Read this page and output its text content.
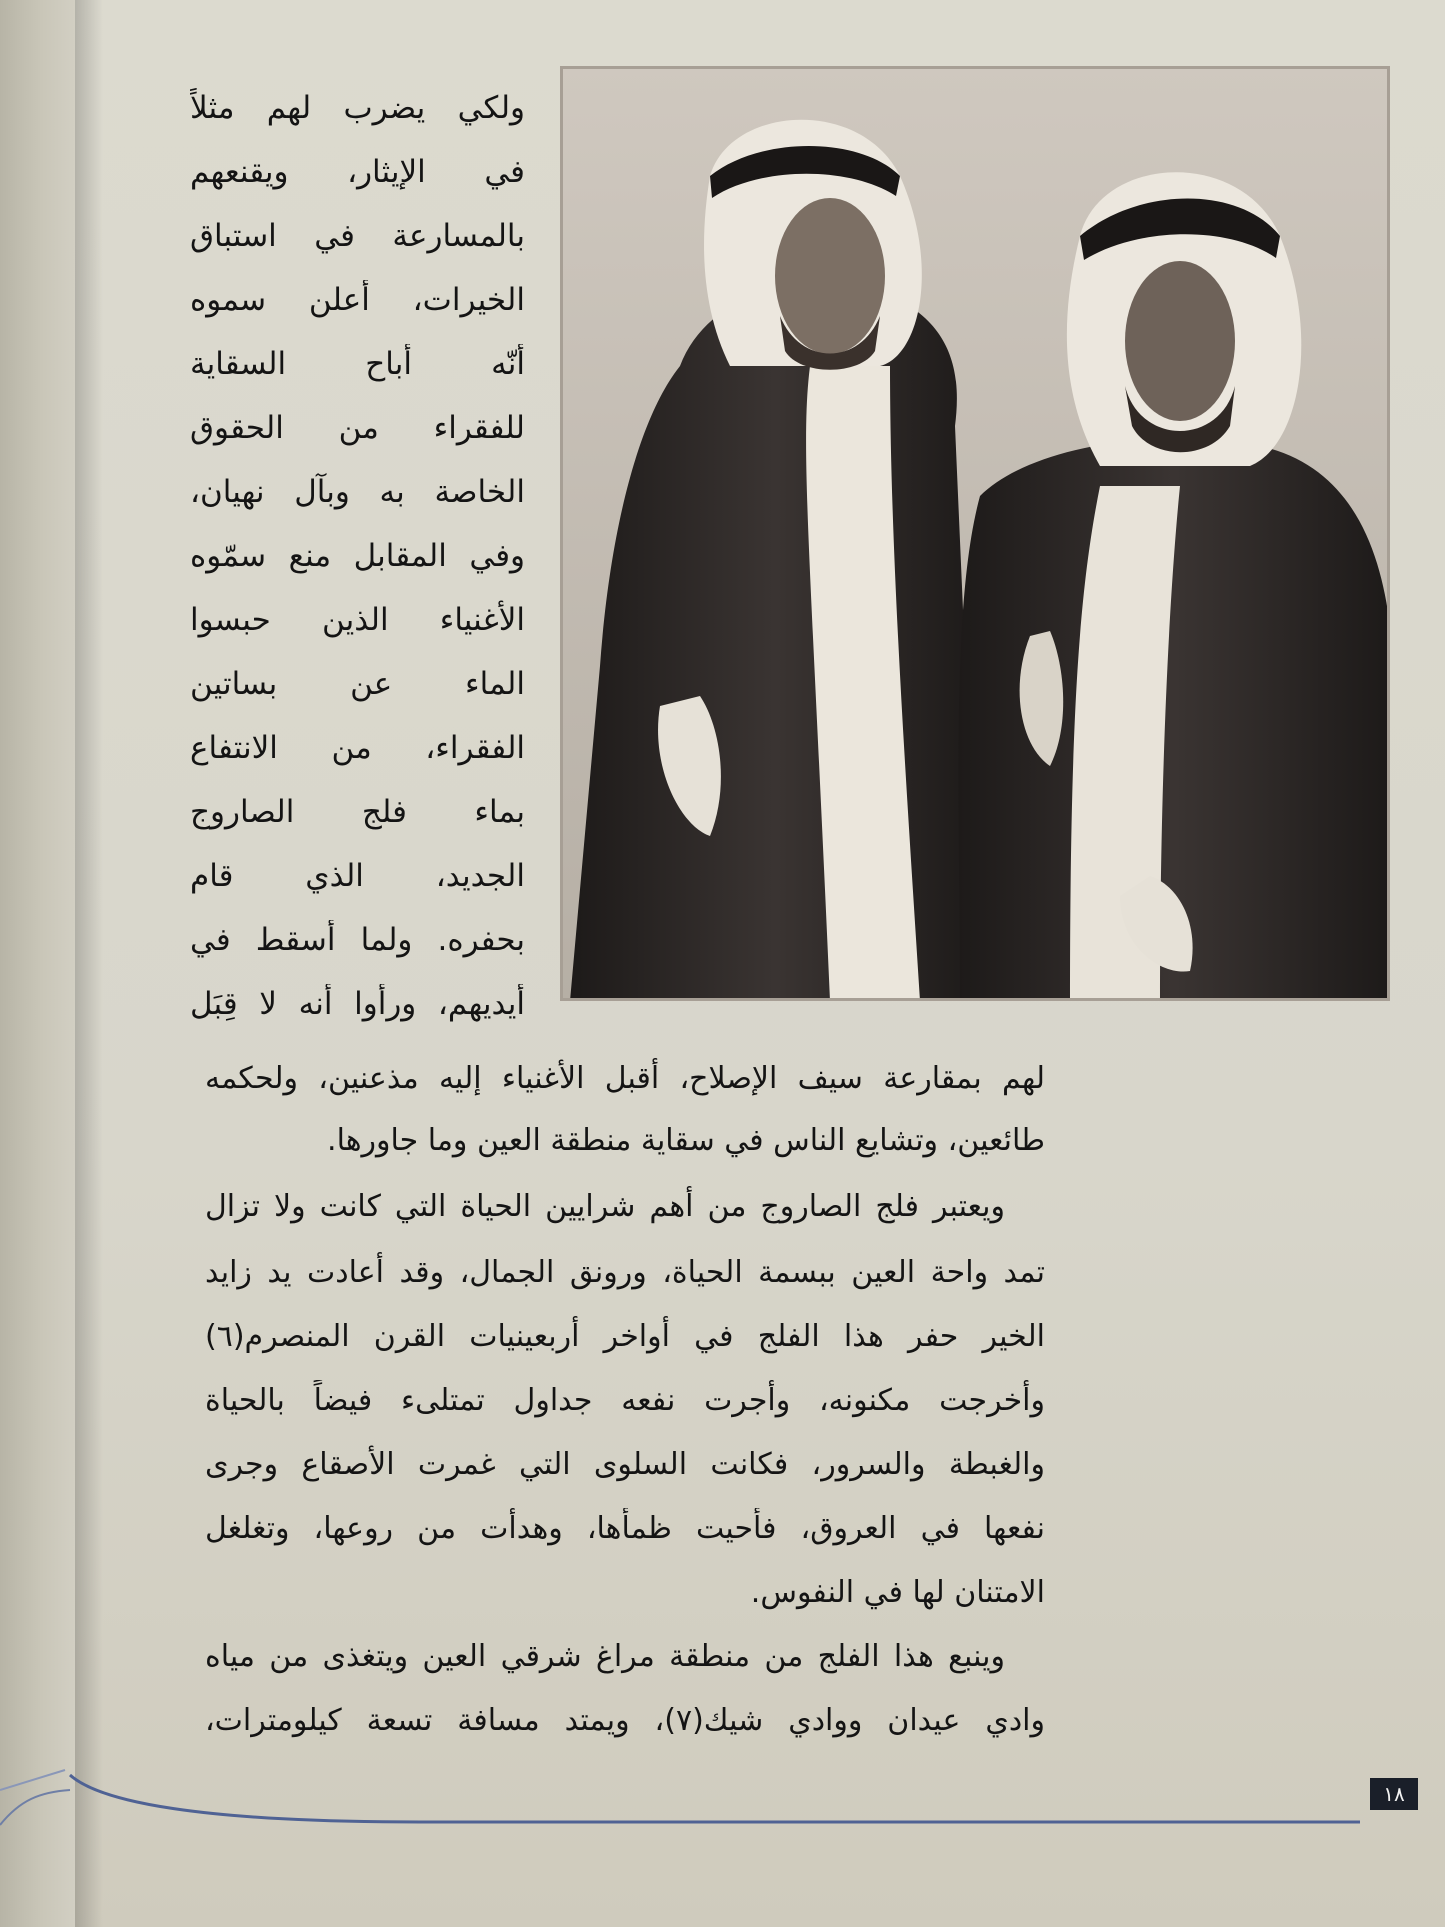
ولكي يضرب لهم مثلاً
في الإيثار، ويقنعهم
بالمسارعة في استباق
الخيرات، أعلن سموه
أنّه أباح السقاية
للفقراء من الحقوق
الخاصة به وبآل نهيان،
وفي المقابل منع سمّوه
الأغنياء الذين حبسوا
الماء عن بساتين
الفقراء، من الانتفاع
بماء فلج الصاروج
الجديد، الذي قام
بحفره. ولما أسقط في
أيديهم، ورأوا أنه لا قِبَل
لهم بمقارعة سيف الإصلاح، أقبل الأغنياء إليه مذعنين، ولحكمه
طائعين، وتشايع الناس في سقاية منطقة العين وما جاورها.
ويعتبر فلج الصاروج من أهم شرايين الحياة التي كانت ولا تزال
تمد واحة العين ببسمة الحياة، ورونق الجمال، وقد أعادت يد زايد
الخير حفر هذا الفلج في أواخر أربعينيات القرن المنصرم(٦)
وأخرجت مكنونه، وأجرت نفعه جداول تمتلىء فيضاً بالحياة
والغبطة والسرور، فكانت السلوى التي غمرت الأصقاع وجرى
نفعها في العروق، فأحيت ظمأها، وهدأت من روعها، وتغلغل
الامتنان لها في النفوس.
وينبع هذا الفلج من منطقة مراغ شرقي العين ويتغذى من مياه
وادي عيدان ووادي شيك(٧)، ويمتد مسافة تسعة كيلومترات،
١٨
